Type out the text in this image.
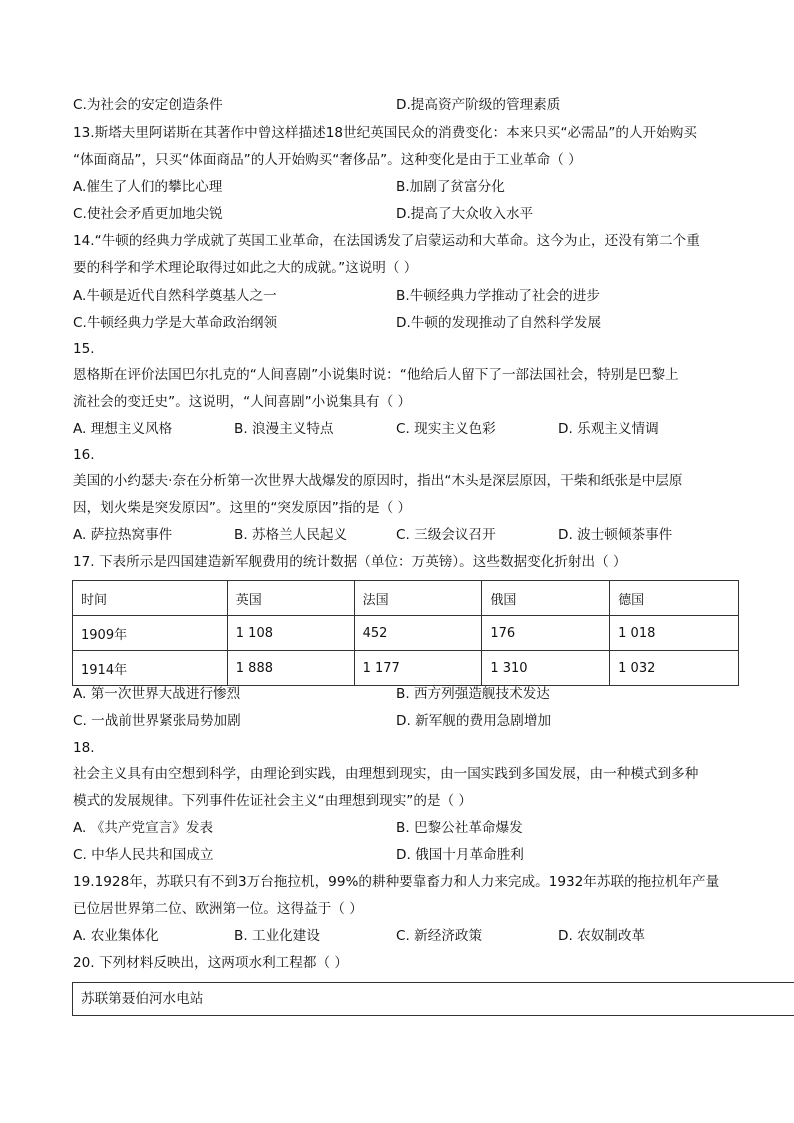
C.为社会的安定创造条件	D.提高资产阶级的管理素质
13.斯塔夫里阿诺斯在其著作中曾这样描述18世纪英国民众的消费变化：本来只买“必需品”的人开始购买
“体面商品”，只买“体面商品”的人开始购买“奢侈品”。这种变化是由于工业革命（ ）
A.催生了人们的攀比心理	B.加剧了贫富分化
C.使社会矛盾更加地尖锐	D.提高了大众收入水平
14.“牛顿的经典力学成就了英国工业革命，在法国诱发了启蒙运动和大革命。这今为止，还没有第二个重
要的科学和学术理论取得过如此之大的成就。”这说明（ ）
A.牛顿是近代自然科学奠基人之一	B.牛顿经典力学推动了社会的进步
C.牛顿经典力学是大革命政治纲领	D.牛顿的发现推动了自然科学发展
15.
恩格斯在评价法国巴尔扎克的“人间喜剧”小说集时说：“他给后人留下了一部法国社会，特别是巴黎上
流社会的变迁史”。这说明，“人间喜剧”小说集具有（ ）
A. 理想主义风格	B. 浪漫主义特点	C. 现实主义色彩	D. 乐观主义情调
16.
美国的小约瑟夫·奈在分析第一次世界大战爆发的原因时，指出“木头是深层原因，干柴和纸张是中层原
因，划火柴是突发原因”。这里的“突发原因”指的是（ ）
A. 萨拉热窝事件	B. 苏格兰人民起义	C. 三级会议召开	D. 波士顿倾茶事件
17. 下表所示是四国建造新军舰费用的统计数据（单位：万英镑）。这些数据变化折射出（ ）
时间	英国	法国	俄国	德国
1909年	1 108	452	176	1 018
1914年	1 888	1 177	1 310	1 032
A. 第一次世界大战进行惨烈	B. 西方列强造舰技术发达
C. 一战前世界紧张局势加剧	D. 新军舰的费用急剧增加
18.
社会主义具有由空想到科学，由理论到实践，由理想到现实，由一国实践到多国发展，由一种模式到多种
模式的发展规律。下列事件佐证社会主义“由理想到现实”的是（ ）
A. 《共产党宣言》发表	B. 巴黎公社革命爆发
C. 中华人民共和国成立	D. 俄国十月革命胜利
19.1928年，苏联只有不到3万台拖拉机，99%的耕种要靠畜力和人力来完成。1932年苏联的拖拉机年产量
已位居世界第二位、欧洲第一位。这得益于（ ）
A. 农业集体化	B. 工业化建设	C. 新经济政策	D. 农奴制改革
20. 下列材料反映出，这两项水利工程都（ ）
苏联第聂伯河水电站
